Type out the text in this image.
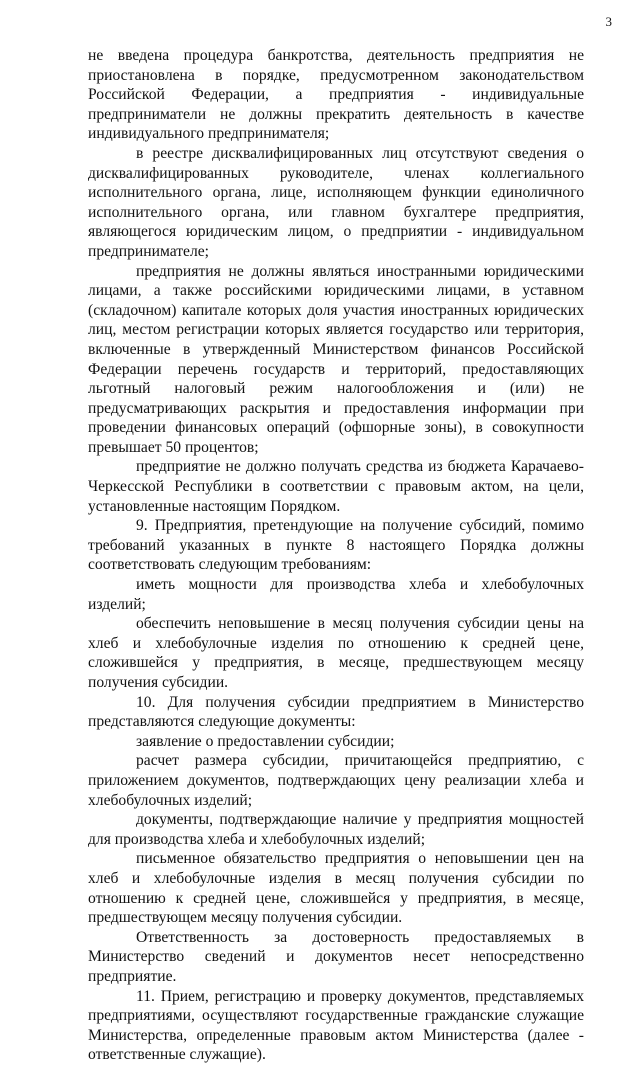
3

не введена процедура банкротства, деятельность предприятия не приостановлена в порядке, предусмотренном законодательством Российской Федерации, а предприятия - индивидуальные предприниматели не должны прекратить деятельность в качестве индивидуального предпринимателя;

в реестре дисквалифицированных лиц отсутствуют сведения о дисквалифицированных руководителе, членах коллегиального исполнительного органа, лице, исполняющем функции единоличного исполнительного органа, или главном бухгалтере предприятия, являющегося юридическим лицом, о предприятии - индивидуальном предпринимателе;

предприятия не должны являться иностранными юридическими лицами, а также российскими юридическими лицами, в уставном (складочном) капитале которых доля участия иностранных юридических лиц, местом регистрации которых является государство или территория, включенные в утвержденный Министерством финансов Российской Федерации перечень государств и территорий, предоставляющих льготный налоговый режим налогообложения и (или) не предусматривающих раскрытия и предоставления информации при проведении финансовых операций (офшорные зоны), в совокупности превышает 50 процентов;

предприятие не должно получать средства из бюджета Карачаево-Черкесской Республики в соответствии с правовым актом, на цели, установленные настоящим Порядком.

9. Предприятия, претендующие на получение субсидий, помимо требований указанных в пункте 8 настоящего Порядка должны соответствовать следующим требованиям:

иметь мощности для производства хлеба и хлебобулочных изделий;

обеспечить неповышение в месяц получения субсидии цены на хлеб и хлебобулочные изделия по отношению к средней цене, сложившейся у предприятия, в месяце, предшествующем месяцу получения субсидии.

10. Для получения субсидии предприятием в Министерство представляются следующие документы:

заявление о предоставлении субсидии;

расчет размера субсидии, причитающейся предприятию, с приложением документов, подтверждающих цену реализации хлеба и хлебобулочных изделий;

документы, подтверждающие наличие у предприятия мощностей для производства хлеба и хлебобулочных изделий;

письменное обязательство предприятия о неповышении цен на хлеб и хлебобулочные изделия в месяц получения субсидии по отношению к средней цене, сложившейся у предприятия, в месяце, предшествующем месяцу получения субсидии.

Ответственность за достоверность предоставляемых в Министерство сведений и документов несет непосредственно предприятие.

11. Прием, регистрацию и проверку документов, представляемых предприятиями, осуществляют государственные гражданские служащие Министерства, определенные правовым актом Министерства (далее - ответственные служащие).
